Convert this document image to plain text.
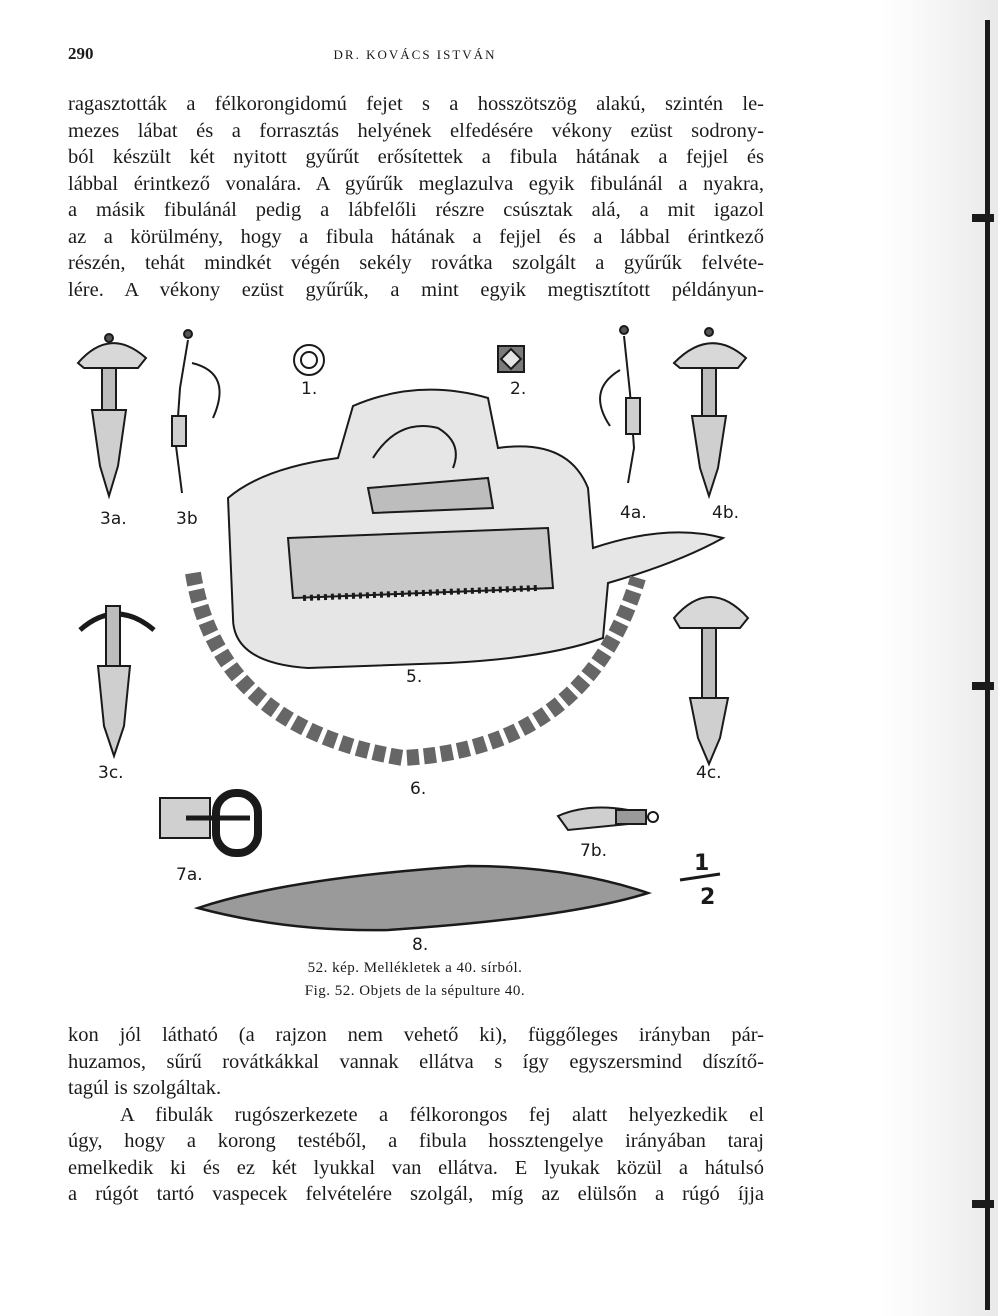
290	DR. KOVÁCS ISTVÁN
ragasztották a félkorongidomú fejet s a hosszötszög alakú, szintén le-
mezes lábat és a forrasztás helyének elfedésére vékony ezüst sodrony-
ból készült két nyitott gyűrűt erősítettek a fibula hátának a fejjel és
lábbal érintkező vonalára. A gyűrűk meglazulva egyik fibulánál a nyakra,
a másik fibulánál pedig a lábfelőli részre csúsztak alá, a mit igazol
az a körülmény, hogy a fibula hátának a fejjel és a lábbal érintkező
részén, tehát mindkét végén sekély rovátka szolgált a gyűrűk felvéte-
lére. A vékony ezüst gyűrűk, a mint egyik megtisztított példányun-
1.	2.
3a.	3b	4a.	4b.
5.
3c.	4c.
6.
7a.
7b.
8.
1
2
52. kép. Mellékletek a 40. sírból.
Fig. 52. Objets de la sépulture 40.
kon jól látható (a rajzon nem vehető ki), függőleges irányban pár-
huzamos, sűrű rovátkákkal vannak ellátva s így egyszersmind díszítő-
tagúl is szolgáltak.
A fibulák rugószerkezete a félkorongos fej alatt helyezkedik el
úgy, hogy a korong testéből, a fibula hossztengelye irányában taraj
emelkedik ki és ez két lyukkal van ellátva. E lyukak közül a hátulsó
a rúgót tartó vaspecek felvételére szolgál, míg az elülsőn a rúgó íjja
